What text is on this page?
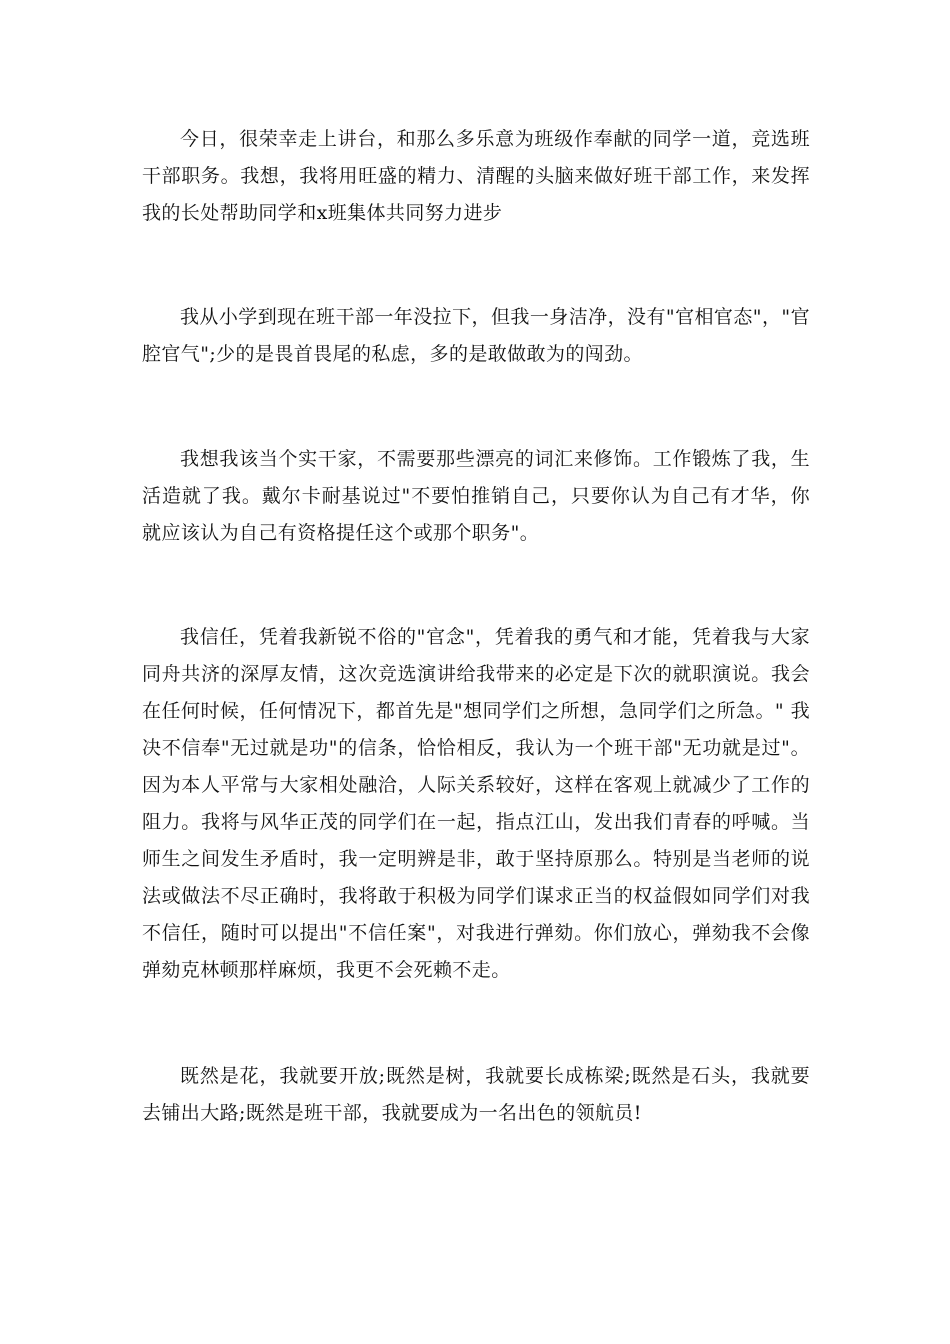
今日，很荣幸走上讲台，和那么多乐意为班级作奉献的同学一道，竞选班干部职务。我想，我将用旺盛的精力、清醒的头脑来做好班干部工作，来发挥我的长处帮助同学和x班集体共同努力进步

我从小学到现在班干部一年没拉下，但我一身洁净，没有"官相官态"，"官腔官气";少的是畏首畏尾的私虑，多的是敢做敢为的闯劲。

我想我该当个实干家，不需要那些漂亮的词汇来修饰。工作锻炼了我，生活造就了我。戴尔卡耐基说过"不要怕推销自己，只要你认为自己有才华，你就应该认为自己有资格提任这个或那个职务"。

我信任，凭着我新锐不俗的"官念"，凭着我的勇气和才能，凭着我与大家同舟共济的深厚友情，这次竞选演讲给我带来的必定是下次的就职演说。我会在任何时候，任何情况下，都首先是"想同学们之所想，急同学们之所急。" 我决不信奉"无过就是功"的信条，恰恰相反，我认为一个班干部"无功就是过"。因为本人平常与大家相处融洽，人际关系较好，这样在客观上就减少了工作的阻力。我将与风华正茂的同学们在一起，指点江山，发出我们青春的呼喊。当师生之间发生矛盾时，我一定明辨是非，敢于坚持原那么。特别是当老师的说法或做法不尽正确时，我将敢于积极为同学们谋求正当的权益假如同学们对我不信任，随时可以提出"不信任案"，对我进行弹劾。你们放心，弹劾我不会像弹劾克林顿那样麻烦，我更不会死赖不走。

既然是花，我就要开放;既然是树，我就要长成栋梁;既然是石头，我就要去铺出大路;既然是班干部，我就要成为一名出色的领航员!
